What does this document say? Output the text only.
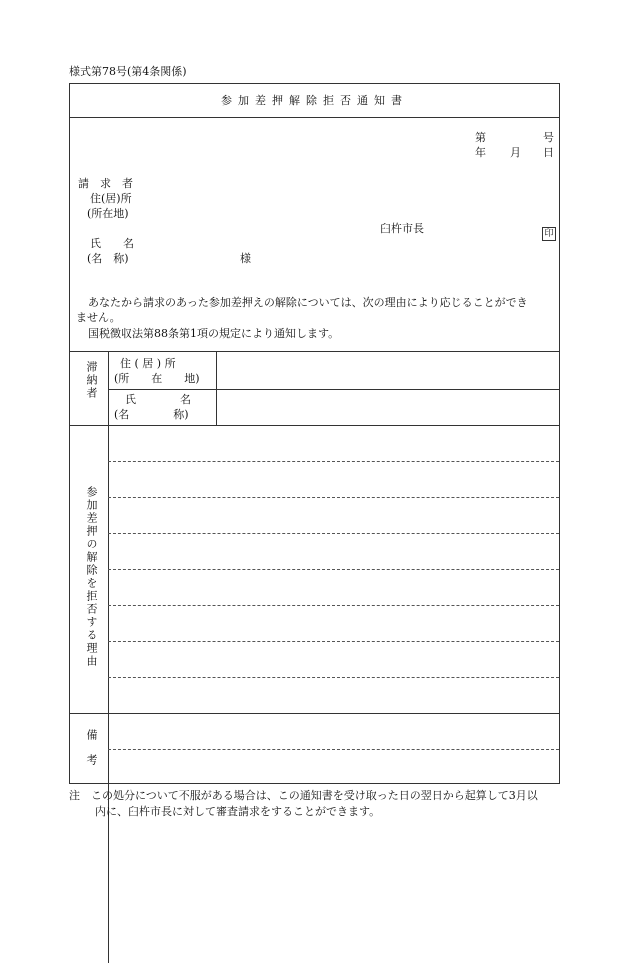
様式第78号(第4条関係)
参加差押解除拒否通知書
第	号
年 月 日
請　求　者
住(居)所
(所在地)
臼杵市長	印
氏　　名
(名　称)	様
あなたから請求のあった参加差押えの解除については、次の理由により応じることができ
ません。
国税徴収法第88条第1項の規定により通知します。
滞納者 住 ( 居 ) 所
(所　　在　　地)
氏　　　　名
(名　　　　称)
参加差押の解除を拒否する理由
備考
注　この処分について不服がある場合は、この通知書を受け取った日の翌日から起算して3月以
内に、臼杵市長に対して審査請求をすることができます。
